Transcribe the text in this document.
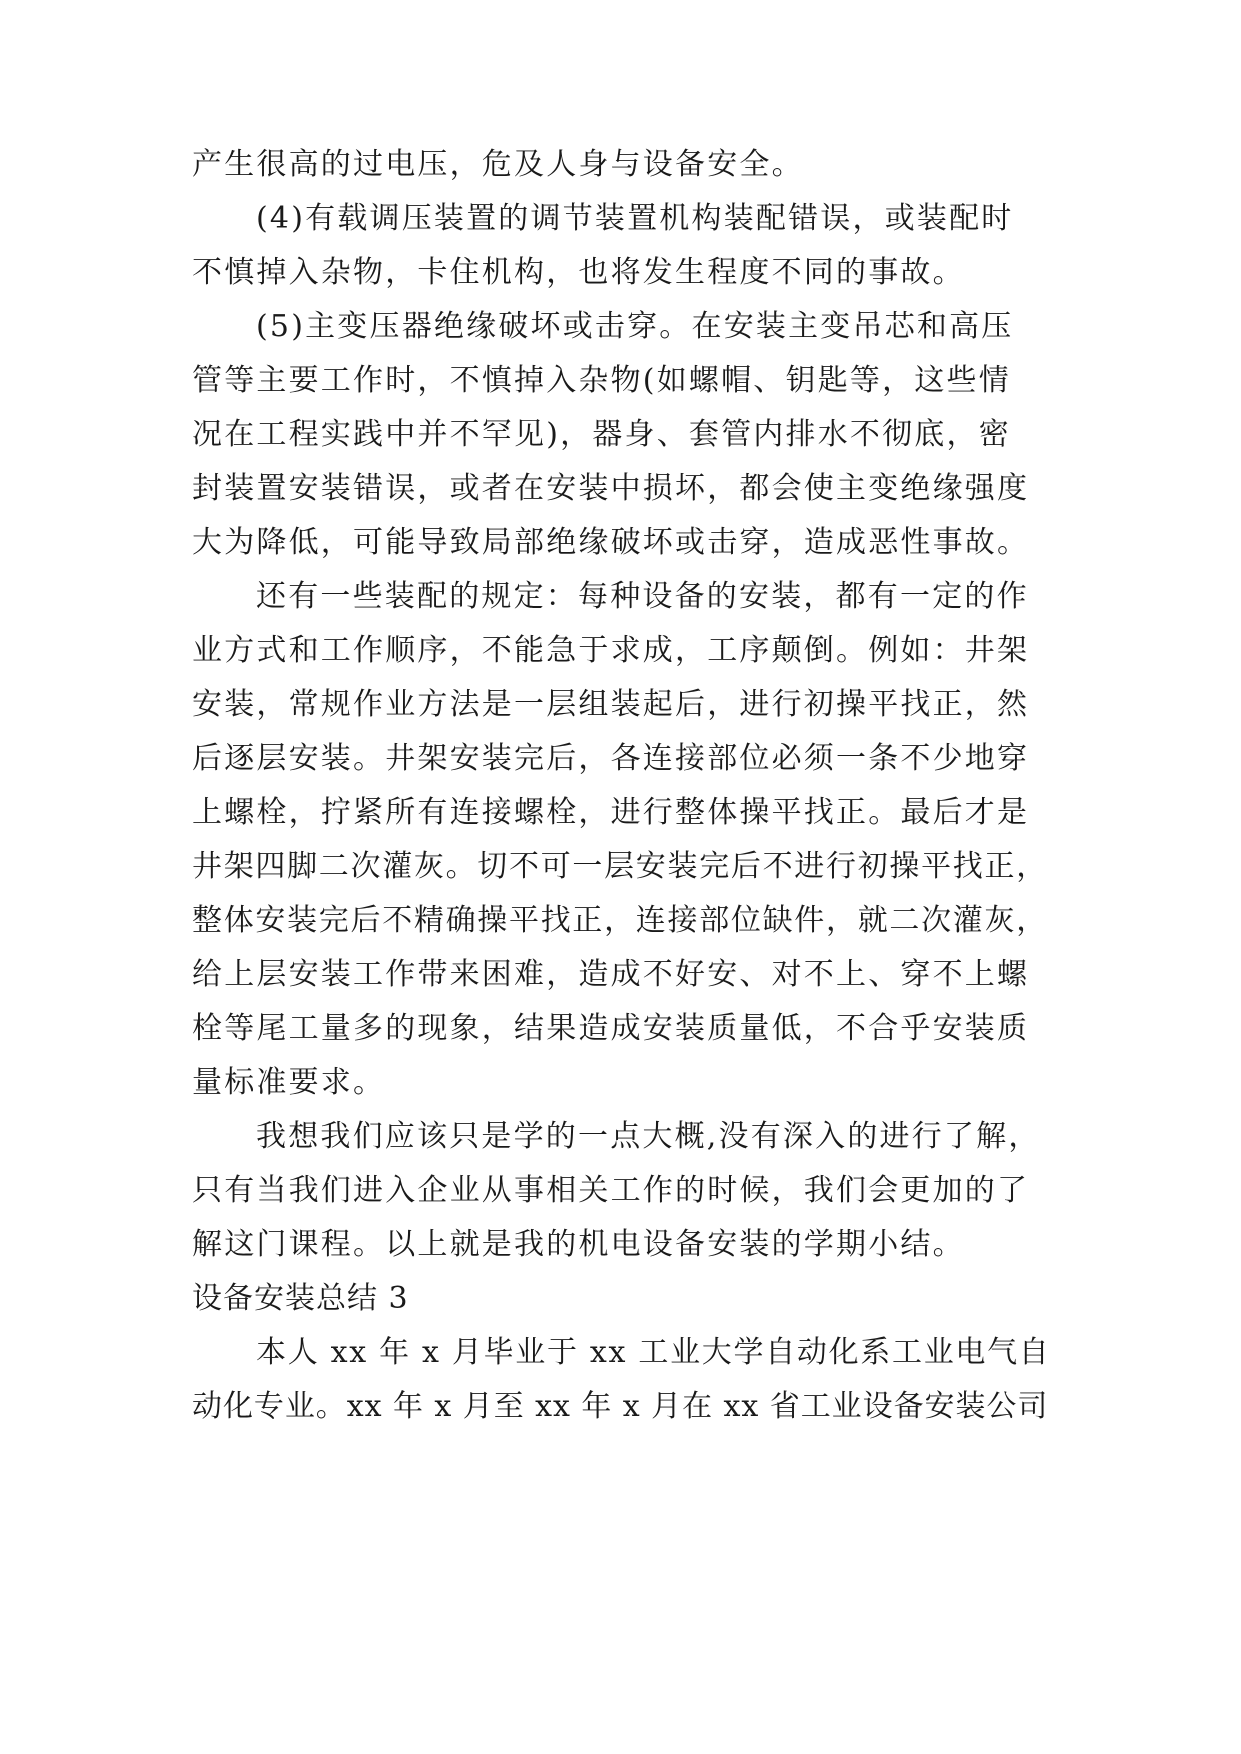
产生很高的过电压，危及人身与设备安全。
(4)有载调压装置的调节装置机构装配错误，或装配时
不慎掉入杂物，卡住机构，也将发生程度不同的事故。
(5)主变压器绝缘破坏或击穿。在安装主变吊芯和高压
管等主要工作时，不慎掉入杂物(如螺帽、钥匙等，这些情
况在工程实践中并不罕见)，器身、套管内排水不彻底，密
封装置安装错误，或者在安装中损坏，都会使主变绝缘强度
大为降低，可能导致局部绝缘破坏或击穿，造成恶性事故。
还有一些装配的规定：每种设备的安装，都有一定的作
业方式和工作顺序，不能急于求成，工序颠倒。例如：井架
安装，常规作业方法是一层组装起后，进行初操平找正，然
后逐层安装。井架安装完后，各连接部位必须一条不少地穿
上螺栓，拧紧所有连接螺栓，进行整体操平找正。最后才是
井架四脚二次灌灰。切不可一层安装完后不进行初操平找正，
整体安装完后不精确操平找正，连接部位缺件，就二次灌灰，
给上层安装工作带来困难，造成不好安、对不上、穿不上螺
栓等尾工量多的现象，结果造成安装质量低，不合乎安装质
量标准要求。
我想我们应该只是学的一点大概,没有深入的进行了解，
只有当我们进入企业从事相关工作的时候，我们会更加的了
解这门课程。以上就是我的机电设备安装的学期小结。
设备安装总结 3
本人 xx 年 x 月毕业于 xx 工业大学自动化系工业电气自
动化专业。xx 年 x 月至 xx 年 x 月在 xx 省工业设备安装公司
